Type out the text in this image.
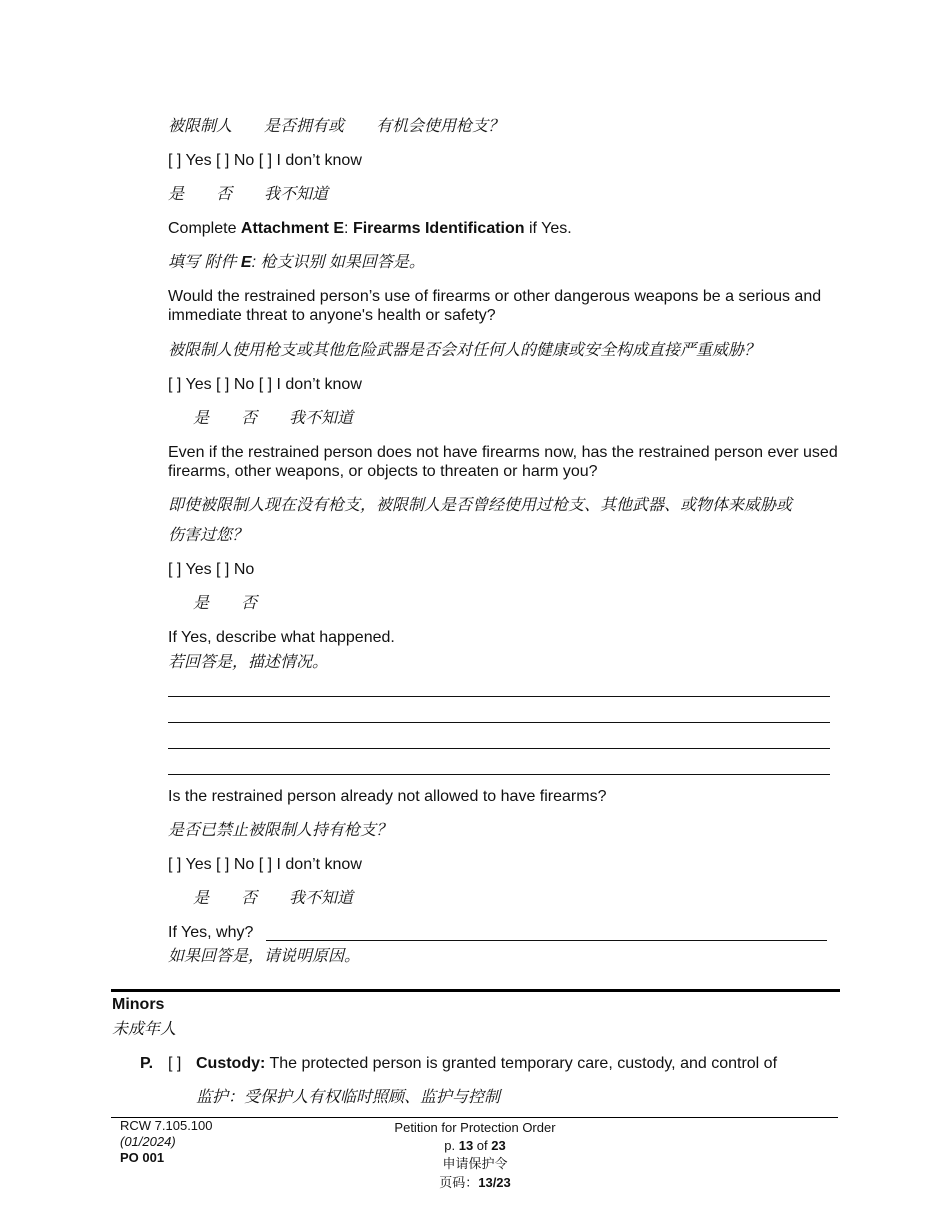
被限制人　　是否拥有或　　有机会使用枪支？
[ ] Yes [ ] No [ ] I don’t know
是　　否　　我不知道
Complete Attachment E: Firearms Identification if Yes.
填写 附件 E: 枪支识别 如果回答是。
Would the restrained person’s use of firearms or other dangerous weapons be a serious and immediate threat to anyone's health or safety?
被限制人使用枪支或其他危险武器是否会对任何人的健康或安全构成直接严重威胁？
[ ] Yes [ ] No [ ] I don’t know
是　　否　　我不知道
Even if the restrained person does not have firearms now, has the restrained person ever used firearms, other weapons, or objects to threaten or harm you?
即使被限制人现在没有枪支，被限制人是否曾经使用过枪支、其他武器、或物体来威胁或
伤害过您？
[ ] Yes [ ] No
是　　否
If Yes, describe what happened.
若回答是，描述情况。
Is the restrained person already not allowed to have firearms?
是否已禁止被限制人持有枪支？
[ ] Yes [ ] No [ ] I don’t know
是　　否　　我不知道
If Yes, why?
如果回答是，请说明原因。
Minors
未成年人
P. [ ] Custody: The protected person is granted temporary care, custody, and control of
监护：受保护人有权临时照顾、监护与控制
RCW 7.105.100
(01/2024)
PO 001
Petition for Protection Order
p. 13 of 23
申请保护令
页码：13/23
